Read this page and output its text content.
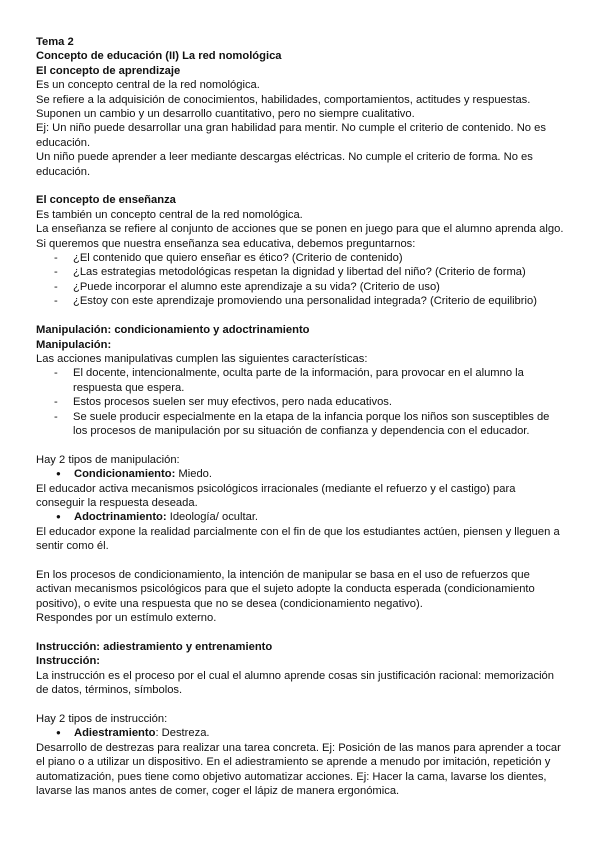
Tema 2

Concepto de educación (II) La red nomológica

El concepto de aprendizaje

Es un concepto central de la red nomológica.

Se refiere a la adquisición de conocimientos, habilidades, comportamientos, actitudes y respuestas.

Suponen un cambio y un desarrollo cuantitativo, pero no siempre cualitativo.

Ej: Un niño puede desarrollar una gran habilidad para mentir. No cumple el criterio de contenido. No es educación.

Un niño puede aprender a leer mediante descargas eléctricas. No cumple el criterio de forma. No es educación.

El concepto de enseñanza

Es también un concepto central de la red nomológica.

La enseñanza se refiere al conjunto de acciones que se ponen en juego para que el alumno aprenda algo.

Si queremos que nuestra enseñanza sea educativa, debemos preguntarnos:

- ¿El contenido que quiero enseñar es ético? (Criterio de contenido)
- ¿Las estrategias metodológicas respetan la dignidad y libertad del niño? (Criterio de forma)
- ¿Puede incorporar el alumno este aprendizaje a su vida? (Criterio de uso)
- ¿Estoy con este aprendizaje promoviendo una personalidad integrada? (Criterio de equilibrio)

Manipulación: condicionamiento y adoctrinamiento

Manipulación:

Las acciones manipulativas cumplen las siguientes características:

- El docente, intencionalmente, oculta parte de la información, para provocar en el alumno la respuesta que espera.
- Estos procesos suelen ser muy efectivos, pero nada educativos.
- Se suele producir especialmente en la etapa de la infancia porque los niños son susceptibles de los procesos de manipulación por su situación de confianza y dependencia con el educador.

Hay 2 tipos de manipulación:

● Condicionamiento: Miedo.

El educador activa mecanismos psicológicos irracionales (mediante el refuerzo y el castigo) para conseguir la respuesta deseada.

● Adoctrinamiento: Ideología/ ocultar.

El educador expone la realidad parcialmente con el fin de que los estudiantes actúen, piensen y lleguen a sentir como él.

En los procesos de condicionamiento, la intención de manipular se basa en el uso de refuerzos que activan mecanismos psicológicos para que el sujeto adopte la conducta esperada (condicionamiento positivo), o evite una respuesta que no se desea (condicionamiento negativo).

Respondes por un estímulo externo.

Instrucción: adiestramiento y entrenamiento

Instrucción:

La instrucción es el proceso por el cual el alumno aprende cosas sin justificación racional: memorización de datos, términos, símbolos.

Hay 2 tipos de instrucción:

● Adiestramiento: Destreza.

Desarrollo de destrezas para realizar una tarea concreta. Ej: Posición de las manos para aprender a tocar el piano o a utilizar un dispositivo. En el adiestramiento se aprende a menudo por imitación, repetición y automatización, pues tiene como objetivo automatizar acciones. Ej: Hacer la cama, lavarse los dientes, lavarse las manos antes de comer, coger el lápiz de manera ergonómica.
